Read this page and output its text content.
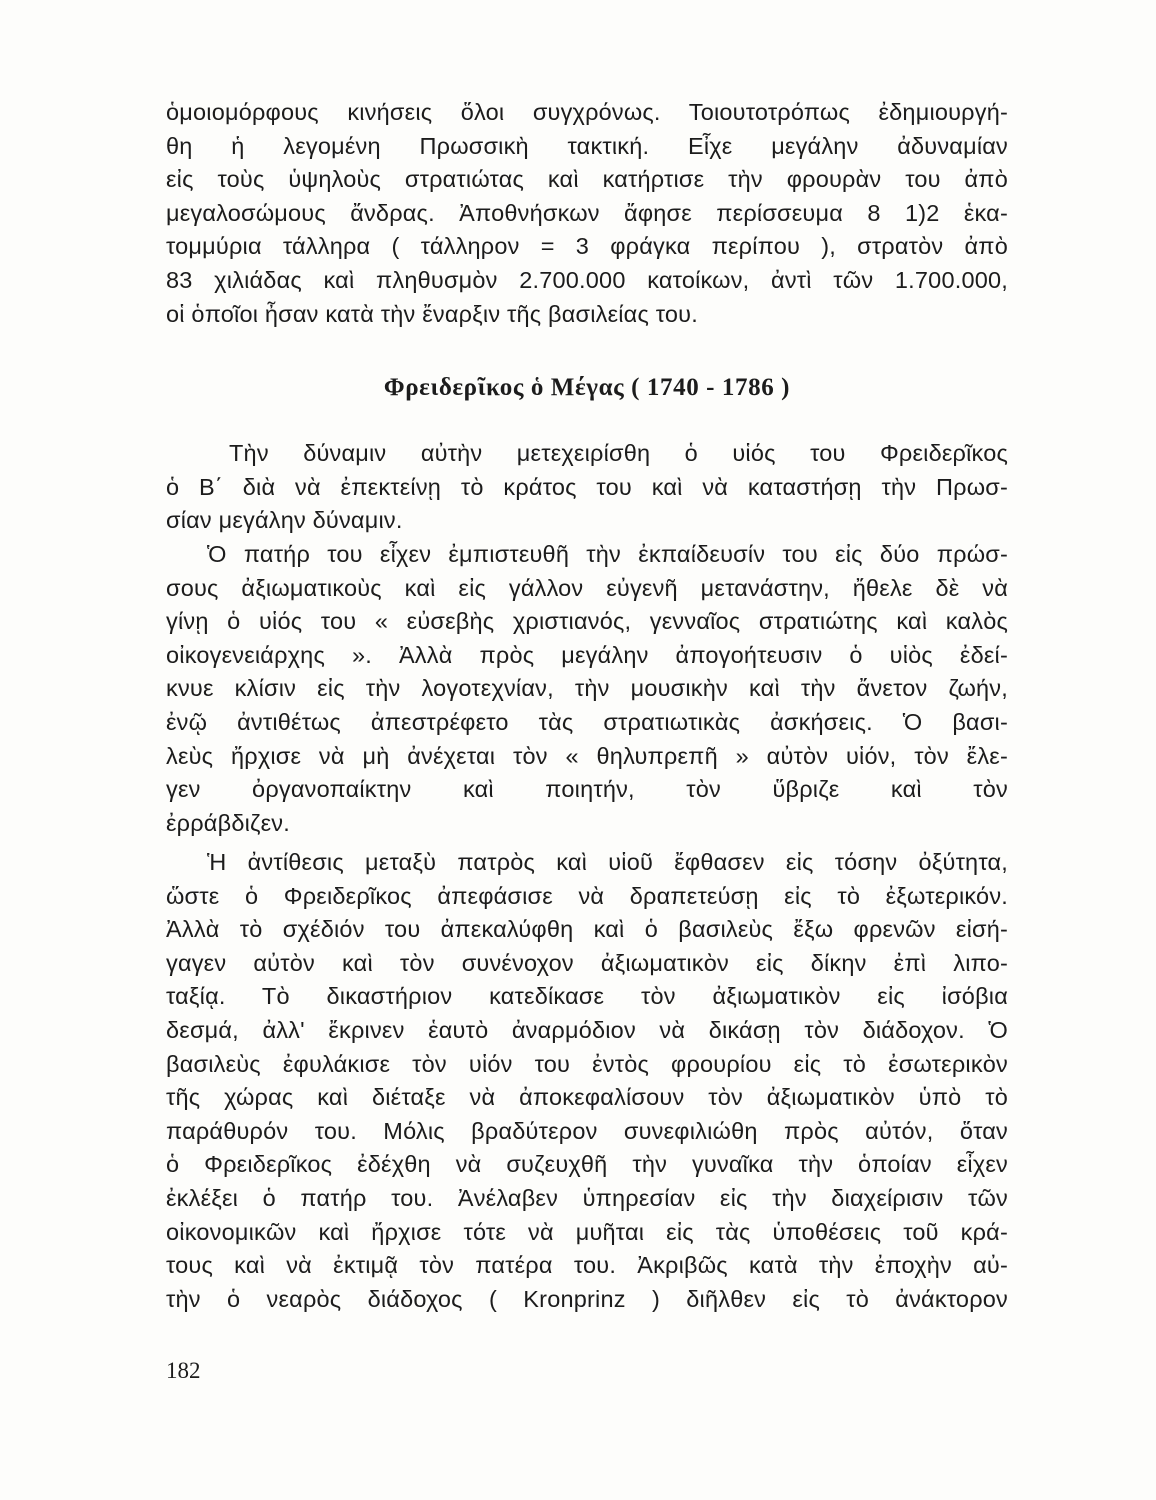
ὁμοιομόρφους κινήσεις ὅλοι συγχρόνως. Τοιουτοτρόπως ἐδημιουργή-
θη ἡ λεγομένη Πρωσσικὴ τακτική. Εἶχε μεγάλην ἀδυναμίαν
εἰς τοὺς ὑψηλοὺς στρατιώτας καὶ κατήρτισε τὴν φρουρὰν του ἀπὸ
μεγαλοσώμους ἄνδρας. Ἀποθνήσκων ἄφησε περίσσευμα 8 1)2 ἑκα-
τομμύρια τάλληρα ( τάλληρον = 3 φράγκα περίπου ), στρατὸν ἀπὸ
83 χιλιάδας καὶ πληθυσμὸν 2.700.000 κατοίκων, ἀντὶ τῶν 1.700.000,
οἱ ὁποῖοι ἦσαν κατὰ τὴν ἔναρξιν τῆς βασιλείας του.
Φρειδερῖκος ὁ Μέγας ( 1740 - 1786 )
Τὴν δύναμιν αὐτὴν μετεχειρίσθη ὁ υἱός του Φρειδερῖκος
ὁ Β΄ διὰ νὰ ἐπεκτείνῃ τὸ κράτος του καὶ νὰ καταστήσῃ τὴν Πρωσ-
σίαν μεγάλην δύναμιν.
Ὁ πατήρ του εἶχεν ἐμπιστευθῆ τὴν ἐκπαίδευσίν του εἰς δύο πρώσ-
σους ἀξιωματικοὺς καὶ εἰς γάλλον εὐγενῆ μετανάστην, ἤθελε δὲ νὰ
γίνῃ ὁ υἱός του « εὐσεβὴς χριστιανός, γενναῖος στρατιώτης καὶ καλὸς
οἰκογενειάρχης ». Ἀλλὰ πρὸς μεγάλην ἀπογοήτευσιν ὁ υἱὸς ἐδεί-
κνυε κλίσιν εἰς τὴν λογοτεχνίαν, τὴν μουσικὴν καὶ τὴν ἄνετον ζωήν,
ἐνῷ ἀντιθέτως ἀπεστρέφετο τὰς στρατιωτικὰς ἀσκήσεις. Ὁ βασι-
λεὺς ἤρχισε νὰ μὴ ἀνέχεται τὸν « θηλυπρεπῆ » αὐτὸν υἱόν, τὸν ἔλε-
γεν ὀργανοπαίκτην καὶ ποιητήν, τὸν ὕβριζε καὶ τὸν
ἐρράβδιζεν.
Ἡ ἀντίθεσις μεταξὺ πατρὸς καὶ υἱοῦ ἔφθασεν εἰς τόσην ὀξύτητα,
ὥστε ὁ Φρειδερῖκος ἀπεφάσισε νὰ δραπετεύσῃ εἰς τὸ ἐξωτερικόν.
Ἀλλὰ τὸ σχέδιόν του ἀπεκαλύφθη καὶ ὁ βασιλεὺς ἔξω φρενῶν εἰσή-
γαγεν αὐτὸν καὶ τὸν συνένοχον ἀξιωματικὸν εἰς δίκην ἐπὶ λιπο-
ταξίᾳ. Τὸ δικαστήριον κατεδίκασε τὸν ἀξιωματικὸν εἰς ἰσόβια
δεσμά, ἀλλ' ἔκρινεν ἑαυτὸ ἀναρμόδιον νὰ δικάσῃ τὸν διάδοχον. Ὁ
βασιλεὺς ἐφυλάκισε τὸν υἱόν του ἐντὸς φρουρίου εἰς τὸ ἐσωτερικὸν
τῆς χώρας καὶ διέταξε νὰ ἀποκεφαλίσουν τὸν ἀξιωματικὸν ὑπὸ τὸ
παράθυρόν του. Μόλις βραδύτερον συνεφιλιώθη πρὸς αὐτόν, ὅταν
ὁ Φρειδερῖκος ἐδέχθη νὰ συζευχθῆ τὴν γυναῖκα τὴν ὁποίαν εἶχεν
ἐκλέξει ὁ πατήρ του. Ἀνέλαβεν ὑπηρεσίαν εἰς τὴν διαχείρισιν τῶν
οἰκονομικῶν καὶ ἤρχισε τότε νὰ μυῆται εἰς τὰς ὑποθέσεις τοῦ κρά-
τους καὶ νὰ ἐκτιμᾷ τὸν πατέρα του. Ἀκριβῶς κατὰ τὴν ἐποχὴν αὐ-
τὴν ὁ νεαρὸς διάδοχος ( Kronprinz ) διῆλθεν εἰς τὸ ἀνάκτορον
182
